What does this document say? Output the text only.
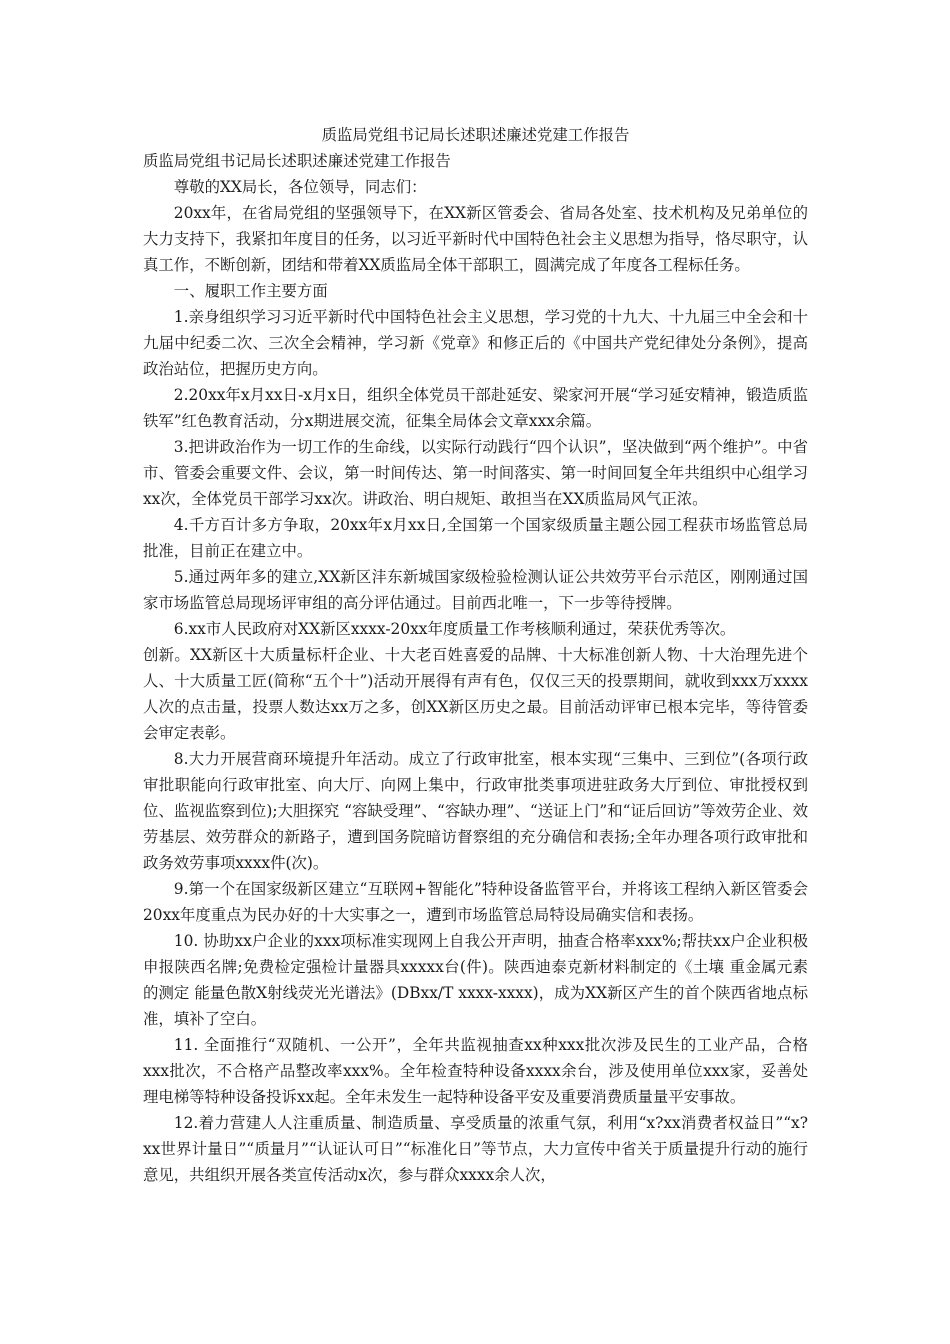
质监局党组书记局长述职述廉述党建工作报告

质监局党组书记局长述职述廉述党建工作报告

尊敬的XX局长，各位领导，同志们：

20xx年，在省局党组的坚强领导下，在XX新区管委会、省局各处室、技术机构及兄弟单位的大力支持下，我紧扣年度目的任务，以习近平新时代中国特色社会主义思想为指导，恪尽职守，认真工作，不断创新，团结和带着XX质监局全体干部职工，圆满完成了年度各工程标任务。

一、履职工作主要方面

1.亲身组织学习习近平新时代中国特色社会主义思想，学习党的十九大、十九届三中全会和十九届中纪委二次、三次全会精神，学习新《党章》和修正后的《中国共产党纪律处分条例》，提高政治站位，把握历史方向。

2.20xx年x月xx日-x月x日，组织全体党员干部赴延安、梁家河开展“学习延安精神，锻造质监铁军”红色教育活动，分x期进展交流，征集全局体会文章xxx余篇。

3.把讲政治作为一切工作的生命线，以实际行动践行“四个认识”，坚决做到“两个维护”。中省市、管委会重要文件、会议，第一时间传达、第一时间落实、第一时间回复全年共组织中心组学习xx次，全体党员干部学习xx次。讲政治、明白规矩、敢担当在XX质监局风气正浓。

4.千方百计多方争取，20xx年x月xx日,全国第一个国家级质量主题公园工程获市场监管总局批准，目前正在建立中。

5.通过两年多的建立,XX新区沣东新城国家级检验检测认证公共效劳平台示范区，刚刚通过国家市场监管总局现场评审组的高分评估通过。目前西北唯一，下一步等待授牌。

6.xx市人民政府对XX新区xxxx-20xx年度质量工作考核顺利通过，荣获优秀等次。

创新。XX新区十大质量标杆企业、十大老百姓喜爱的品牌、十大标准创新人物、十大治理先进个人、十大质量工匠(简称“五个十”)活动开展得有声有色，仅仅三天的投票期间，就收到xxx万xxxx人次的点击量，投票人数达xx万之多，创XX新区历史之最。目前活动评审已根本完毕，等待管委会审定表彰。

8.大力开展营商环境提升年活动。成立了行政审批室，根本实现“三集中、三到位”(各项行政审批职能向行政审批室、向大厅、向网上集中，行政审批类事项进驻政务大厅到位、审批授权到位、监视监察到位);大胆探究 “容缺受理”、“容缺办理”、“送证上门”和“证后回访”等效劳企业、效劳基层、效劳群众的新路子，遭到国务院暗访督察组的充分确信和表扬;全年办理各项行政审批和政务效劳事项xxxx件(次)。

9.第一个在国家级新区建立“互联网+智能化”特种设备监管平台，并将该工程纳入新区管委会20xx年度重点为民办好的十大实事之一，遭到市场监管总局特设局确实信和表扬。

10. 协助xx户企业的xxx项标准实现网上自我公开声明，抽查合格率xxx%;帮扶xx户企业积极申报陕西名牌;免费检定强检计量器具xxxxx台(件)。陕西迪泰克新材料制定的《土壤 重金属元素的测定 能量色散X射线荧光光谱法》(DBxx/T xxxx-xxxx)，成为XX新区产生的首个陕西省地点标准，填补了空白。

11. 全面推行“双随机、一公开”，全年共监视抽查xx种xxx批次涉及民生的工业产品，合格xxx批次，不合格产品整改率xxx%。全年检查特种设备xxxx余台，涉及使用单位xxx家，妥善处理电梯等特种设备投诉xx起。全年未发生一起特种设备平安及重要消费质量量平安事故。

12.着力营建人人注重质量、制造质量、享受质量的浓重气氛，利用“x?xx消费者权益日”“x?xx世界计量日”“质量月”“认证认可日”“标准化日”等节点，大力宣传中省关于质量提升行动的施行意见，共组织开展各类宣传活动x次，参与群众xxxx余人次，
